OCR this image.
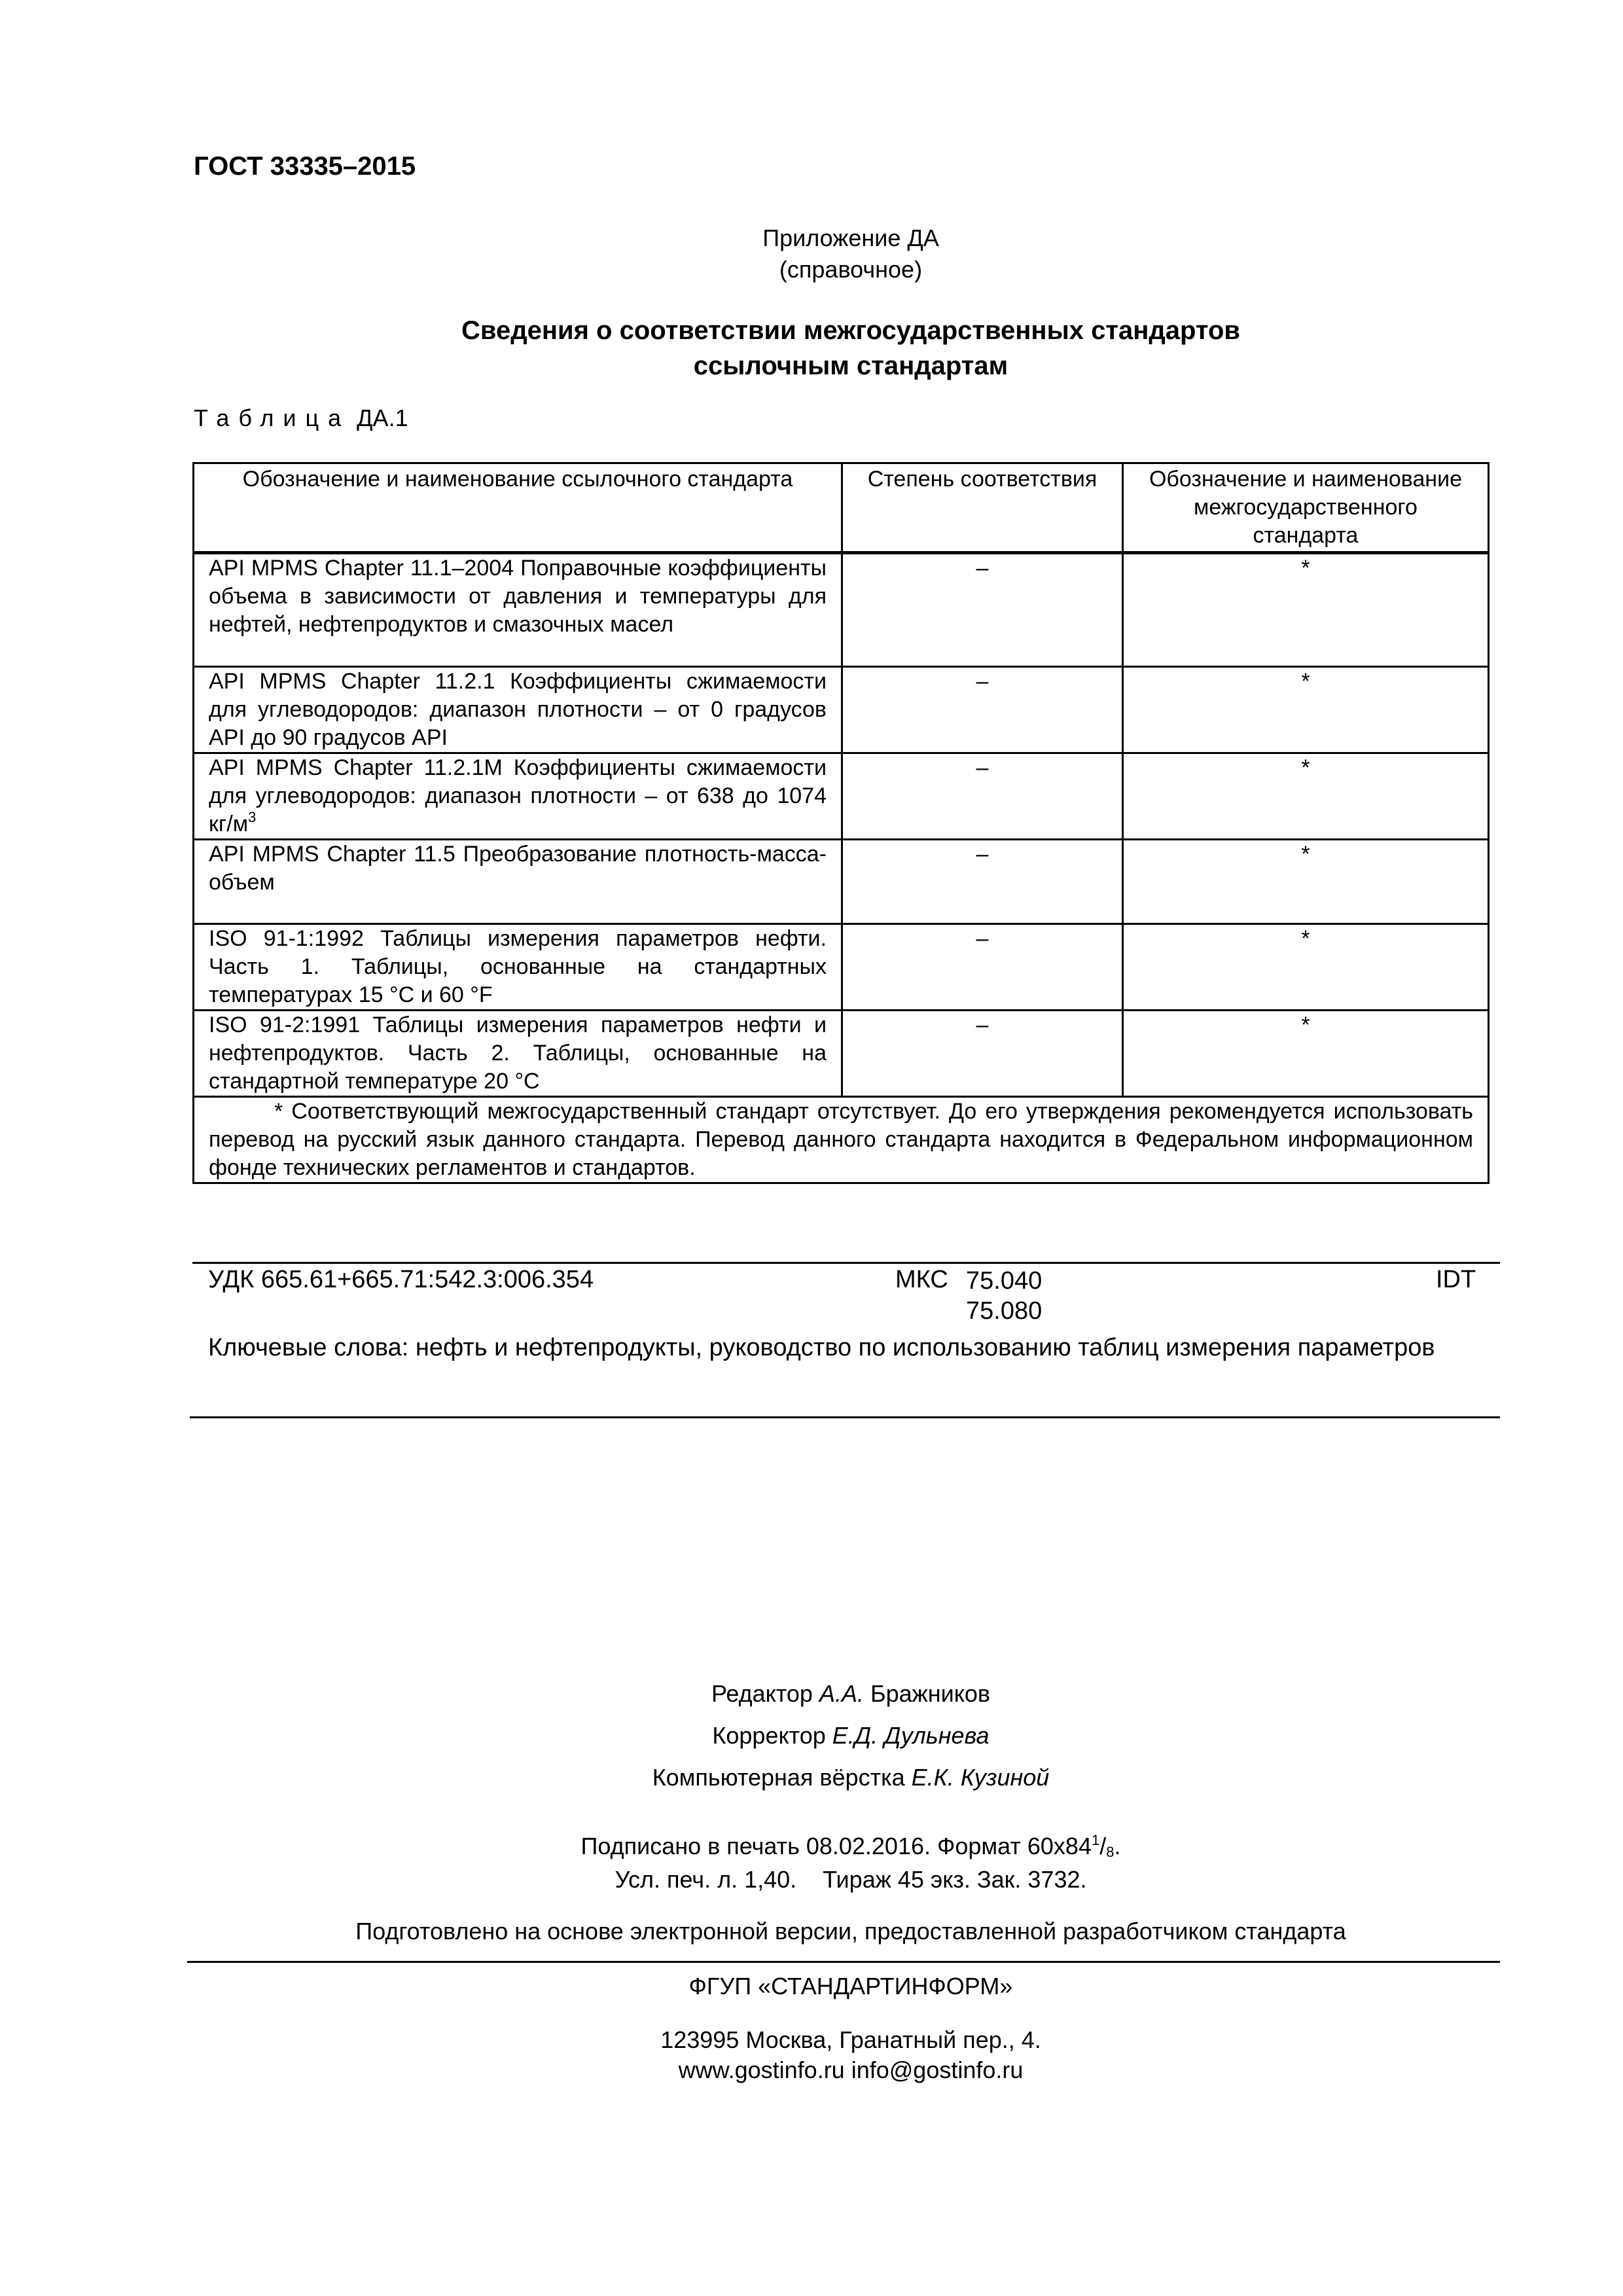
ГОСТ 33335–2015
Приложение ДА
(справочное)
Сведения о соответствии межгосударственных стандартов
ссылочным стандартам
Таблица ДА.1
Обозначение и наименование ссылочного стандарта	Степень соответствия	Обозначение и наименование межгосударственного стандарта
API MPMS Chapter 11.1–2004 Поправочные коэффициенты объема в зависимости от давления и температуры для нефтей, нефтепродуктов и смазочных масел	–	*
API MPMS Chapter 11.2.1 Коэффициенты сжимаемости для углеводородов: диапазон плотности – от 0 градусов API до 90 градусов API	–	*
API MPMS Chapter 11.2.1M Коэффициенты сжимаемости для углеводородов: диапазон плотности – от 638 до 1074 $кг/м^3$	–	*
API MPMS Chapter 11.5 Преобразование плотность-масса-объем	–	*
ISO 91-1:1992 Таблицы измерения параметров нефти. Часть 1. Таблицы, основанные на стандартных температурах 15 °C и 60 °F	–	*
ISO 91-2:1991 Таблицы измерения параметров нефти и нефтепродуктов. Часть 2. Таблицы, основанные на стандартной температуре 20 °C	–	*
* Соответствующий межгосударственный стандарт отсутствует. До его утверждения рекомендуется использовать перевод на русский язык данного стандарта. Перевод данного стандарта находится в Федеральном информационном фонде технических регламентов и стандартов.		
УДК 665.61+665.71:542.3:006.354	МКС 75.040
75.080
IDT
Ключевые слова: нефть и нефтепродукты, руководство по использованию таблиц измерения параметров
Редактор А.А. Бражников
Корректор Е.Д. Дульнева
Компьютерная вёрстка Е.К. Кузиной
Подписано в печать 08.02.2016. Формат $60x84^1/_8$.
Усл. печ. л. 1,40.    Тираж 45 экз. Зак. 3732.
Подготовлено на основе электронной версии, предоставленной разработчиком стандарта
ФГУП «СТАНДАРТИНФОРМ»
123995 Москва, Гранатный пер., 4.
www.gostinfo.ru info@gostinfo.ru
